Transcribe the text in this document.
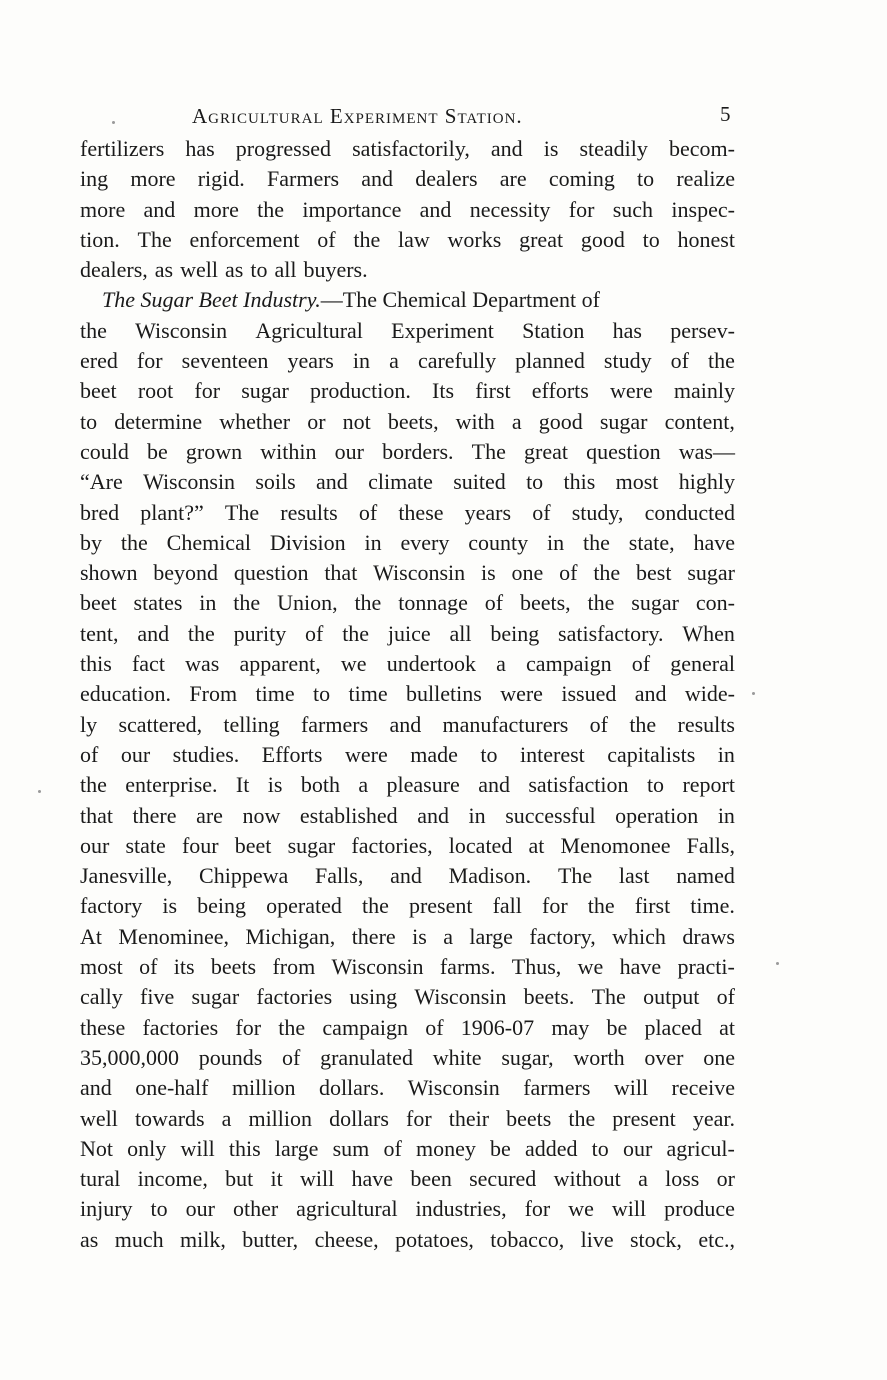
Agricultural Experiment Station.	5
fertilizers has progressed satisfactorily, and is steadily becom-
ing more rigid. Farmers and dealers are coming to realize
more and more the importance and necessity for such inspec-
tion. The enforcement of the law works great good to honest
dealers, as well as to all buyers.
The Sugar Beet Industry.—The Chemical Department of
the Wisconsin Agricultural Experiment Station has persev-
ered for seventeen years in a carefully planned study of the
beet root for sugar production. Its first efforts were mainly
to determine whether or not beets, with a good sugar content,
could be grown within our borders. The great question was—
“Are Wisconsin soils and climate suited to this most highly
bred plant?” The results of these years of study, conducted
by the Chemical Division in every county in the state, have
shown beyond question that Wisconsin is one of the best sugar
beet states in the Union, the tonnage of beets, the sugar con-
tent, and the purity of the juice all being satisfactory. When
this fact was apparent, we undertook a campaign of general
education. From time to time bulletins were issued and wide-
ly scattered, telling farmers and manufacturers of the results
of our studies. Efforts were made to interest capitalists in
the enterprise. It is both a pleasure and satisfaction to report
that there are now established and in successful operation in
our state four beet sugar factories, located at Menomonee Falls,
Janesville, Chippewa Falls, and Madison. The last named
factory is being operated the present fall for the first time.
At Menominee, Michigan, there is a large factory, which draws
most of its beets from Wisconsin farms. Thus, we have practi-
cally five sugar factories using Wisconsin beets. The output of
these factories for the campaign of 1906-07 may be placed at
35,000,000 pounds of granulated white sugar, worth over one
and one-half million dollars. Wisconsin farmers will receive
well towards a million dollars for their beets the present year.
Not only will this large sum of money be added to our agricul-
tural income, but it will have been secured without a loss or
injury to our other agricultural industries, for we will produce
as much milk, butter, cheese, potatoes, tobacco, live stock, etc.,
